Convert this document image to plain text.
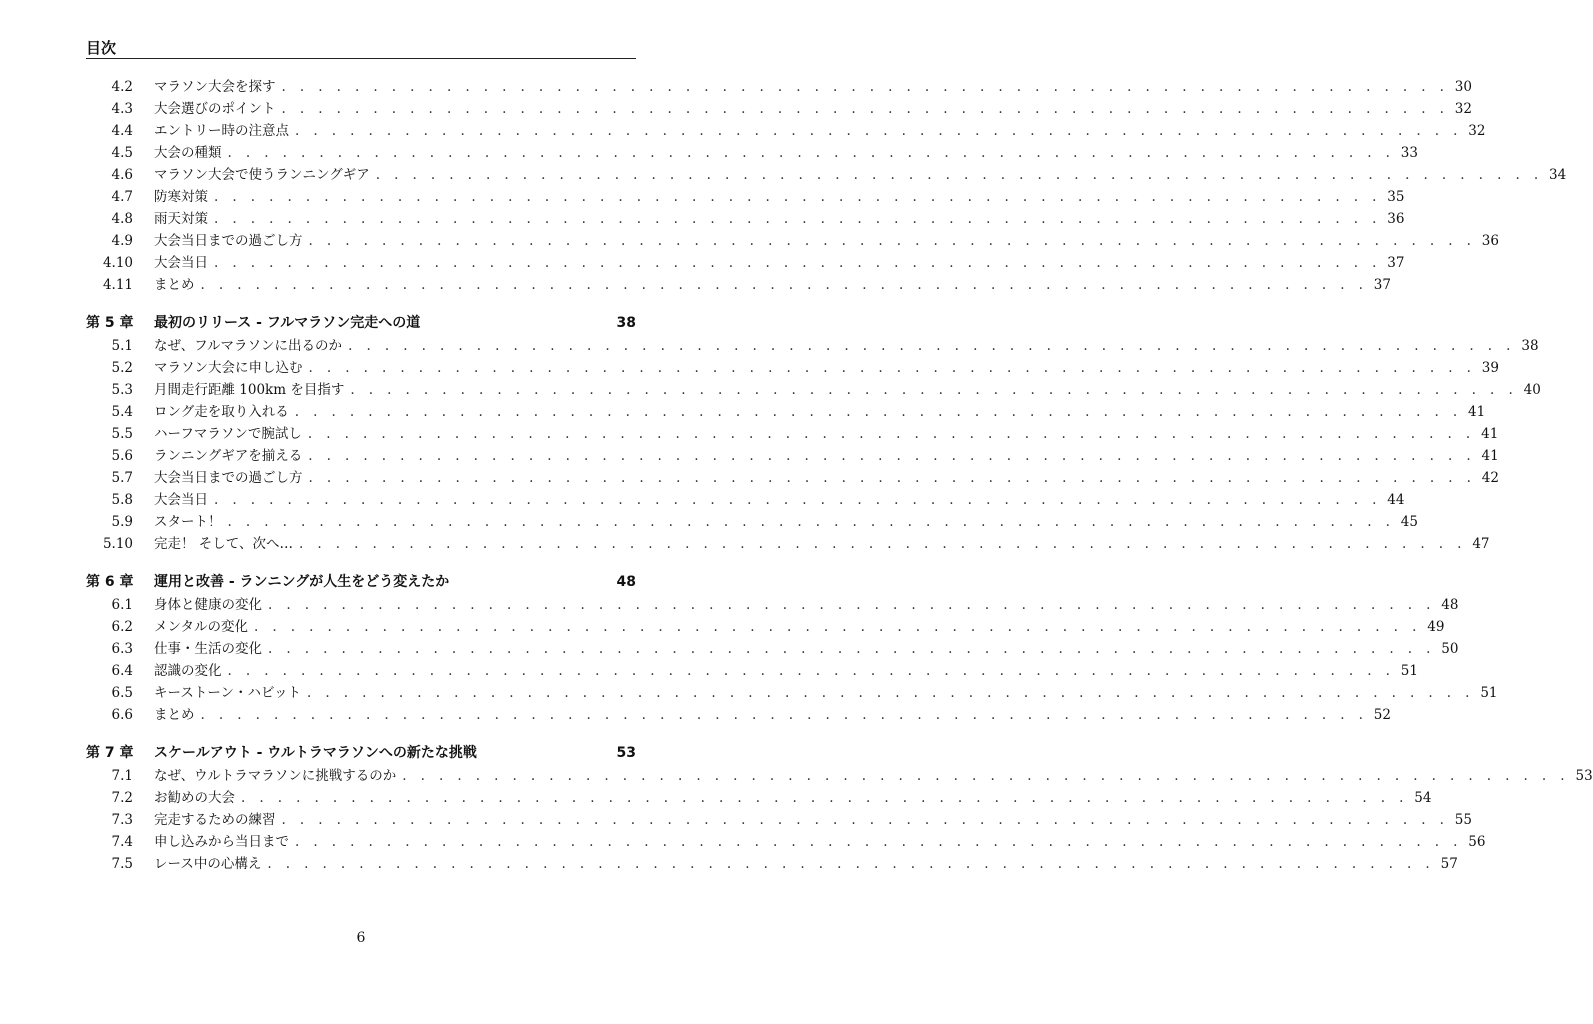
目次
4.2 マラソン大会を探す . . . . . . . . . . . . . . . . . . . . . . . . . . . . . . . . . . . . . . . . . . . . . . . . . . . . . . . . . . . . . . . . 30
4.3 大会選びのポイント . . . . . . . . . . . . . . . . . . . . . . . . . . . . . . . . . . . . . . . . . . . . . . . . . . . . . . . . . . . . . . . . 32
4.4 エントリー時の注意点 . . . . . . . . . . . . . . . . . . . . . . . . . . . . . . . . . . . . . . . . . . . . . . . . . . . . . . . . . . . . . . . . 32
4.5 大会の種類 . . . . . . . . . . . . . . . . . . . . . . . . . . . . . . . . . . . . . . . . . . . . . . . . . . . . . . . . . . . . . . . . 33
4.6 マラソン大会で使うランニングギア . . . . . . . . . . . . . . . . . . . . . . . . . . . . . . . . . . . . . . . . . . . . . . . . . . . . . . . . . . . . . . . . 34
4.7 防寒対策 . . . . . . . . . . . . . . . . . . . . . . . . . . . . . . . . . . . . . . . . . . . . . . . . . . . . . . . . . . . . . . . . 35
4.8 雨天対策 . . . . . . . . . . . . . . . . . . . . . . . . . . . . . . . . . . . . . . . . . . . . . . . . . . . . . . . . . . . . . . . . 36
4.9 大会当日までの過ごし方 . . . . . . . . . . . . . . . . . . . . . . . . . . . . . . . . . . . . . . . . . . . . . . . . . . . . . . . . . . . . . . . . 36
4.10 大会当日 . . . . . . . . . . . . . . . . . . . . . . . . . . . . . . . . . . . . . . . . . . . . . . . . . . . . . . . . . . . . . . . . 37
4.11 まとめ . . . . . . . . . . . . . . . . . . . . . . . . . . . . . . . . . . . . . . . . . . . . . . . . . . . . . . . . . . . . . . . . 37
第 5 章 最初のリリース - フルマラソン完走への道	38
5.1 なぜ、フルマラソンに出るのか . . . . . . . . . . . . . . . . . . . . . . . . . . . . . . . . . . . . . . . . . . . . . . . . . . . . . . . . . . . . . . . . 38
5.2 マラソン大会に申し込む . . . . . . . . . . . . . . . . . . . . . . . . . . . . . . . . . . . . . . . . . . . . . . . . . . . . . . . . . . . . . . . . 39
5.3 月間走行距離 100km を目指す . . . . . . . . . . . . . . . . . . . . . . . . . . . . . . . . . . . . . . . . . . . . . . . . . . . . . . . . . . . . . . . . 40
5.4 ロング走を取り入れる . . . . . . . . . . . . . . . . . . . . . . . . . . . . . . . . . . . . . . . . . . . . . . . . . . . . . . . . . . . . . . . . 41
5.5 ハーフマラソンで腕試し . . . . . . . . . . . . . . . . . . . . . . . . . . . . . . . . . . . . . . . . . . . . . . . . . . . . . . . . . . . . . . . . 41
5.6 ランニングギアを揃える . . . . . . . . . . . . . . . . . . . . . . . . . . . . . . . . . . . . . . . . . . . . . . . . . . . . . . . . . . . . . . . . 41
5.7 大会当日までの過ごし方 . . . . . . . . . . . . . . . . . . . . . . . . . . . . . . . . . . . . . . . . . . . . . . . . . . . . . . . . . . . . . . . . 42
5.8 大会当日 . . . . . . . . . . . . . . . . . . . . . . . . . . . . . . . . . . . . . . . . . . . . . . . . . . . . . . . . . . . . . . . . 44
5.9 スタート！ . . . . . . . . . . . . . . . . . . . . . . . . . . . . . . . . . . . . . . . . . . . . . . . . . . . . . . . . . . . . . . . . 45
5.10 完走！ そして、次へ… . . . . . . . . . . . . . . . . . . . . . . . . . . . . . . . . . . . . . . . . . . . . . . . . . . . . . . . . . . . . . . . . 47
第 6 章 運用と改善 - ランニングが人生をどう変えたか	48
6.1 身体と健康の変化 . . . . . . . . . . . . . . . . . . . . . . . . . . . . . . . . . . . . . . . . . . . . . . . . . . . . . . . . . . . . . . . . 48
6.2 メンタルの変化 . . . . . . . . . . . . . . . . . . . . . . . . . . . . . . . . . . . . . . . . . . . . . . . . . . . . . . . . . . . . . . . . 49
6.3 仕事・生活の変化 . . . . . . . . . . . . . . . . . . . . . . . . . . . . . . . . . . . . . . . . . . . . . . . . . . . . . . . . . . . . . . . . 50
6.4 認識の変化 . . . . . . . . . . . . . . . . . . . . . . . . . . . . . . . . . . . . . . . . . . . . . . . . . . . . . . . . . . . . . . . . 51
6.5 キーストーン・ハビット . . . . . . . . . . . . . . . . . . . . . . . . . . . . . . . . . . . . . . . . . . . . . . . . . . . . . . . . . . . . . . . . 51
6.6 まとめ . . . . . . . . . . . . . . . . . . . . . . . . . . . . . . . . . . . . . . . . . . . . . . . . . . . . . . . . . . . . . . . . 52
第 7 章 スケールアウト - ウルトラマラソンへの新たな挑戦	53
7.1 なぜ、ウルトラマラソンに挑戦するのか . . . . . . . . . . . . . . . . . . . . . . . . . . . . . . . . . . . . . . . . . . . . . . . . . . . . . . . . . . . . . . . . 53
7.2 お勧めの大会 . . . . . . . . . . . . . . . . . . . . . . . . . . . . . . . . . . . . . . . . . . . . . . . . . . . . . . . . . . . . . . . . 54
7.3 完走するための練習 . . . . . . . . . . . . . . . . . . . . . . . . . . . . . . . . . . . . . . . . . . . . . . . . . . . . . . . . . . . . . . . . 55
7.4 申し込みから当日まで . . . . . . . . . . . . . . . . . . . . . . . . . . . . . . . . . . . . . . . . . . . . . . . . . . . . . . . . . . . . . . . . 56
7.5 レース中の心構え . . . . . . . . . . . . . . . . . . . . . . . . . . . . . . . . . . . . . . . . . . . . . . . . . . . . . . . . . . . . . . . . 57
6
